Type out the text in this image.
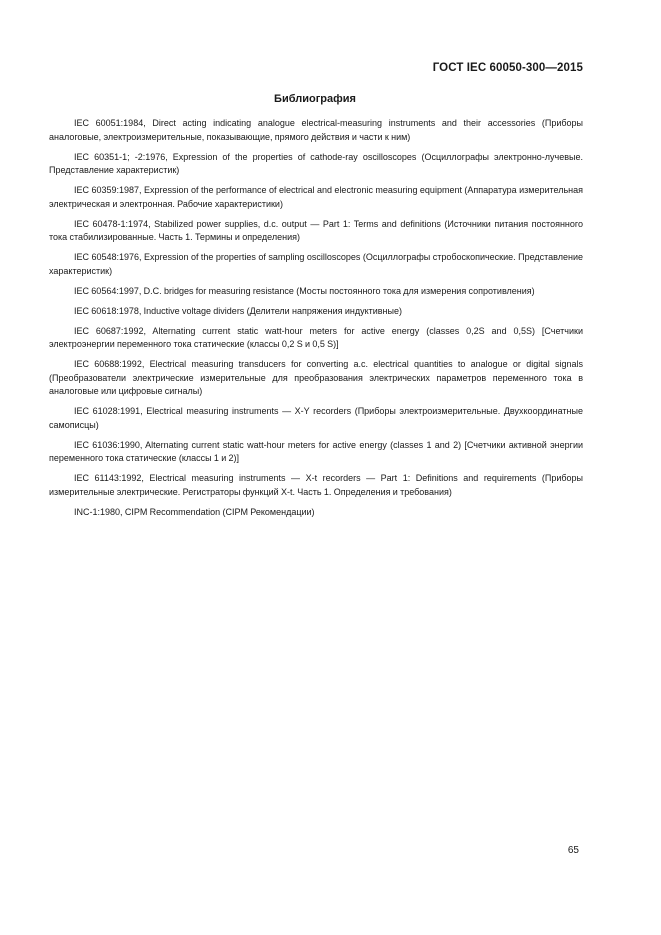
ГОСТ IEC 60050-300—2015
Библиография

IEC 60051:1984, Direct acting indicating analogue electrical-measuring instruments and their accessories (Приборы аналоговые, электроизмерительные, показывающие, прямого действия и части к ним)

IEC 60351-1; -2:1976, Expression of the properties of cathode-ray oscilloscopes (Осциллографы электронно-лучевые. Представление характеристик)

IEC 60359:1987, Expression of the performance of electrical and electronic measuring equipment (Аппаратура измерительная электрическая и электронная. Рабочие характеристики)

IEC 60478-1:1974, Stabilized power supplies, d.c. output — Part 1: Terms and definitions (Источники питания постоянного тока стабилизированные. Часть 1. Термины и определения)

IEC 60548:1976, Expression of the properties of sampling oscilloscopes (Осциллографы стробоскопические. Представление характеристик)

IEC 60564:1997, D.C. bridges for measuring resistance (Мосты постоянного тока для измерения сопротивления)

IEC 60618:1978, Inductive voltage dividers (Делители напряжения индуктивные)

IEC 60687:1992, Alternating current static watt-hour meters for active energy (classes 0,2S and 0,5S) [Счетчики электроэнергии переменного тока статические (классы 0,2 S и 0,5 S)]

IEC 60688:1992, Electrical measuring transducers for converting a.c. electrical quantities to analogue or digital signals (Преобразователи электрические измерительные для преобразования электрических параметров переменного тока в аналоговые или цифровые сигналы)

IEC 61028:1991, Electrical measuring instruments — X-Y recorders (Приборы электроизмерительные. Двухкоординатные самописцы)

IEC 61036:1990, Alternating current static watt-hour meters for active energy (classes 1 and 2) [Счетчики активной энергии переменного тока статические (классы 1 и 2)]

IEC 61143:1992, Electrical measuring instruments — X-t recorders — Part 1: Definitions and requirements (Приборы измерительные электрические. Регистраторы функций X-t. Часть 1. Определения и требования)

INC-1:1980, CIPM Recommendation (CIPM Рекомендации)

65
